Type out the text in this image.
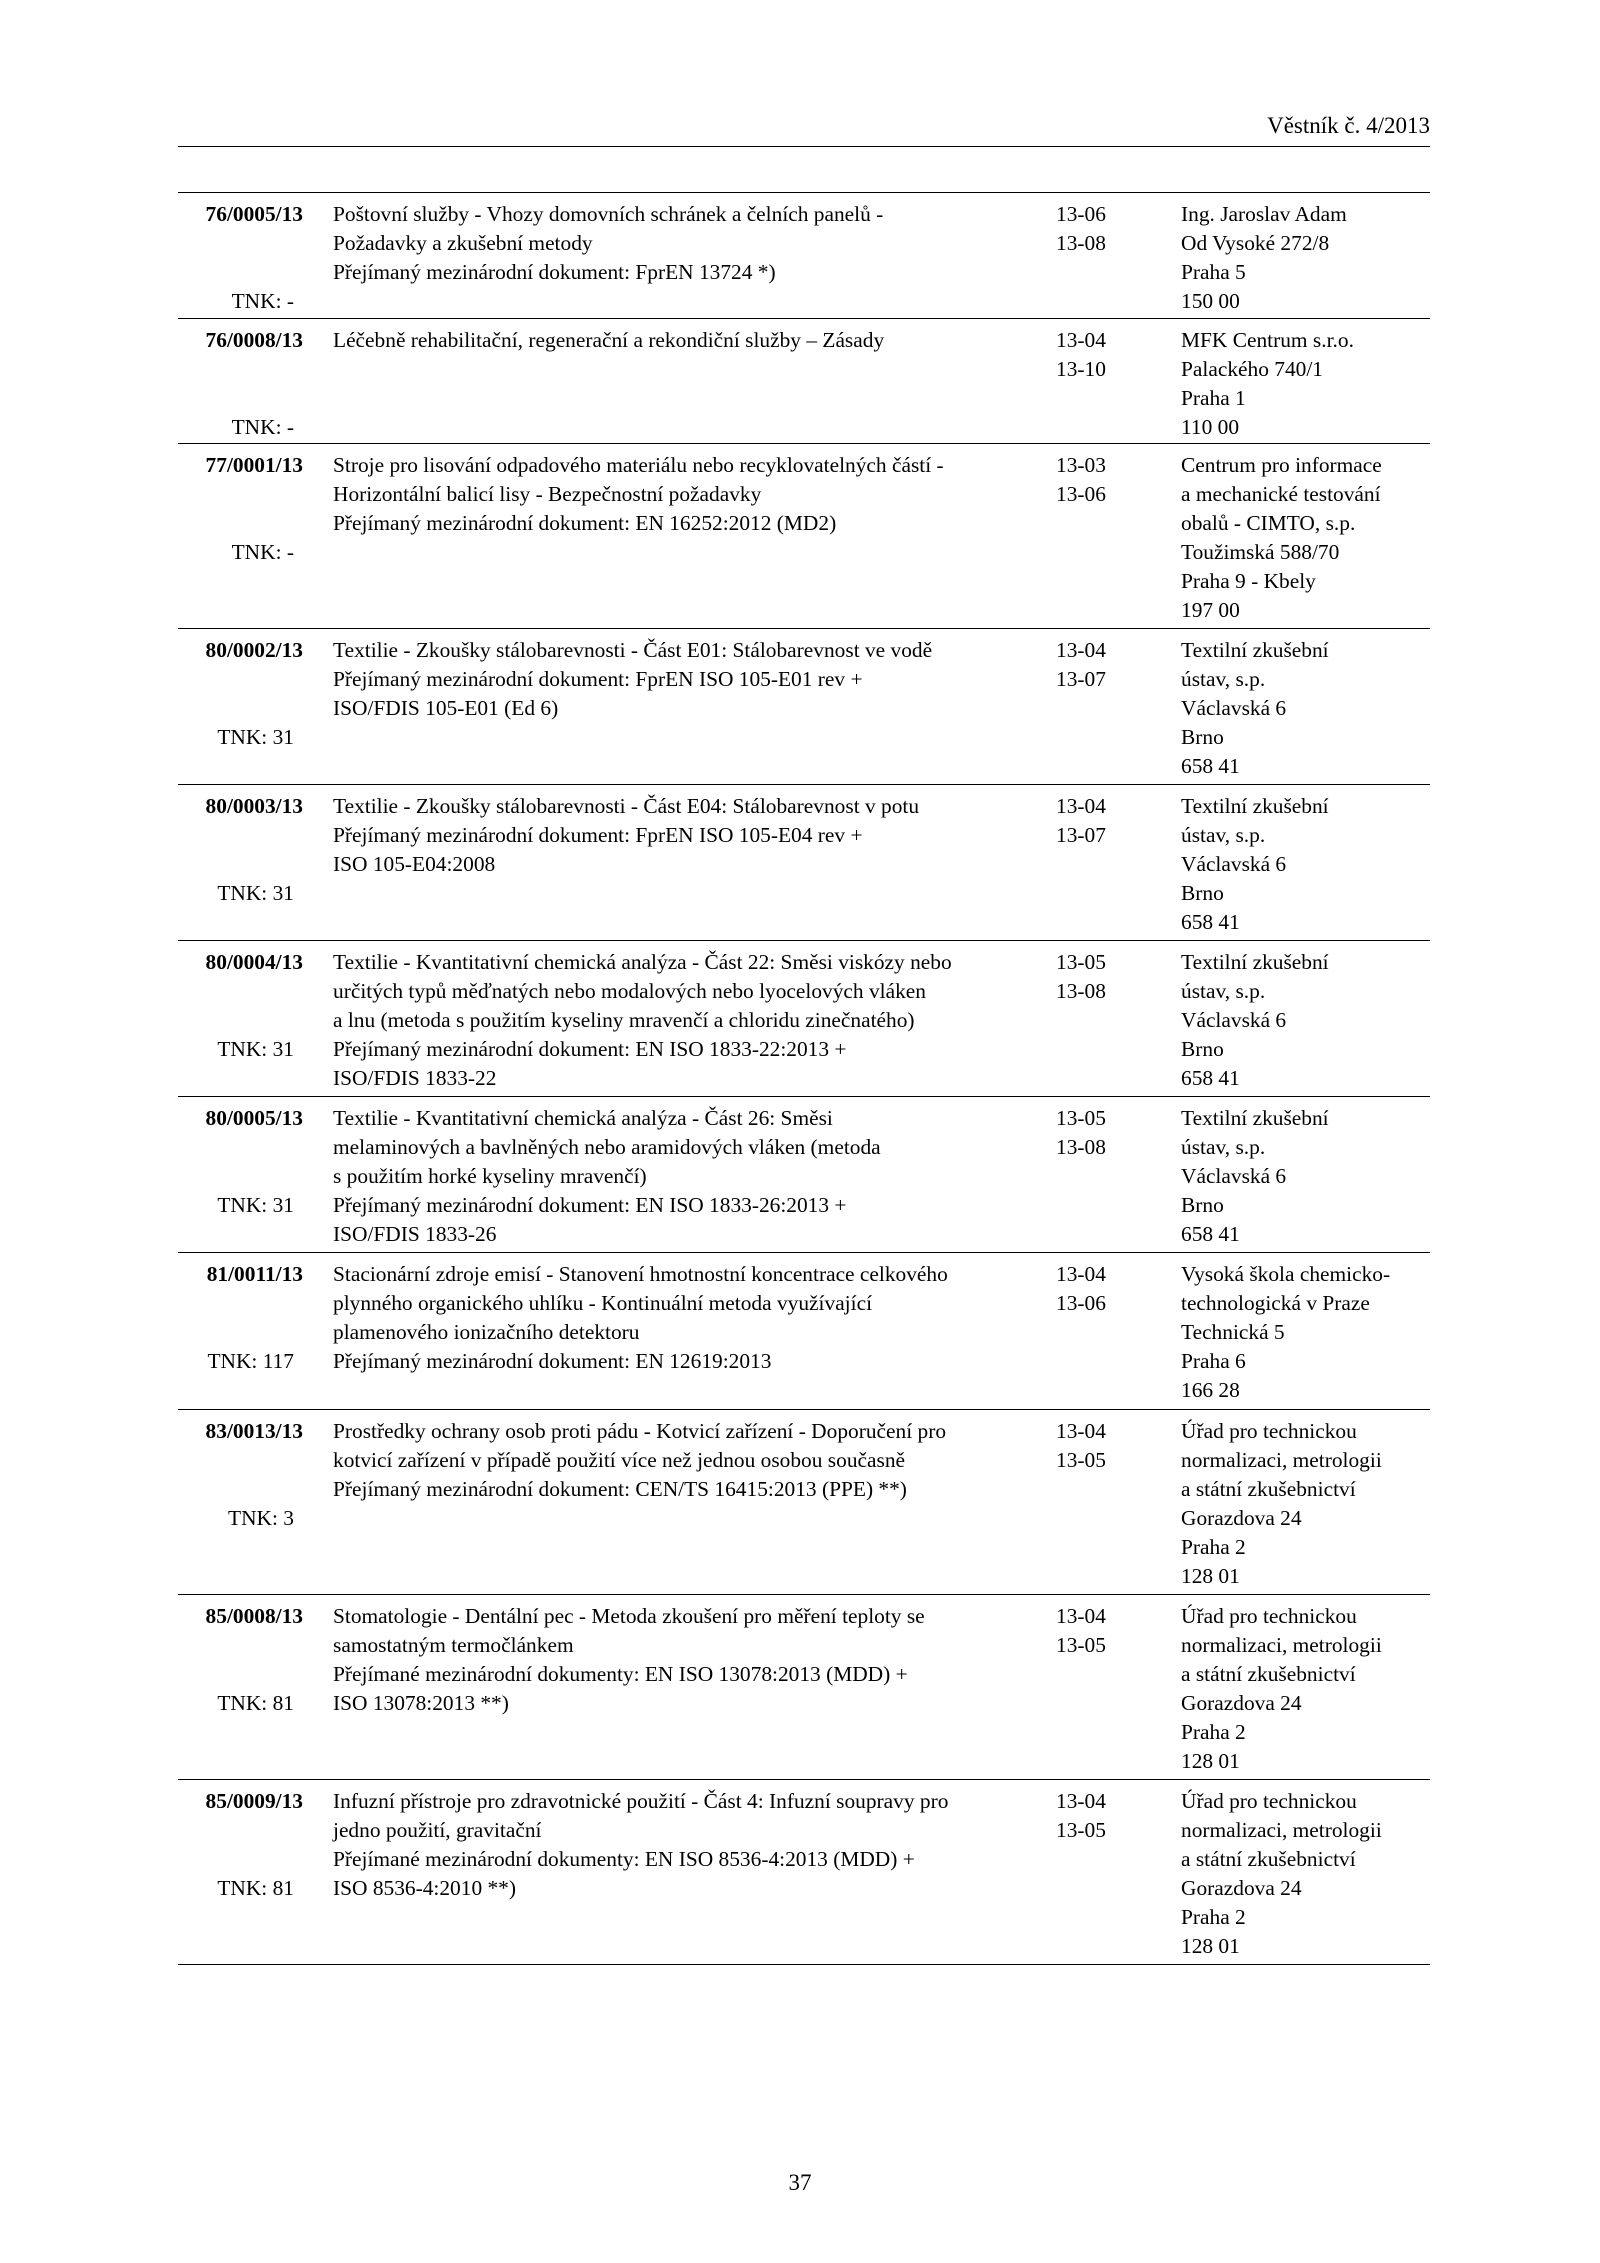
Věstník č. 4/2013
76/0005/13
TNK: -
Poštovní služby - Vhozy domovních schránek a čelních panelů -
Požadavky a zkušební metody
Přejímaný mezinárodní dokument: FprEN 13724 *)
13-06
13-08
Ing. Jaroslav Adam
Od Vysoké 272/8
Praha 5
150 00
76/0008/13
TNK: -
Léčebně rehabilitační, regenerační a rekondiční služby – Zásady	13-04
13-10
MFK Centrum s.r.o.
Palackého 740/1
Praha 1
110 00
77/0001/13
TNK: -
Stroje pro lisování odpadového materiálu nebo recyklovatelných částí -
Horizontální balicí lisy - Bezpečnostní požadavky
Přejímaný mezinárodní dokument: EN 16252:2012 (MD2)
13-03
13-06
Centrum pro informace
a mechanické testování
obalů - CIMTO, s.p.
Toužimská 588/70
Praha 9 - Kbely
197 00
80/0002/13
TNK: 31
Textilie - Zkoušky stálobarevnosti - Část E01: Stálobarevnost ve vodě
Přejímaný mezinárodní dokument: FprEN ISO 105-E01 rev +
ISO/FDIS 105-E01 (Ed 6)
13-04
13-07
Textilní zkušební
ústav, s.p.
Václavská 6
Brno
658 41
80/0003/13
TNK: 31
Textilie - Zkoušky stálobarevnosti - Část E04: Stálobarevnost v potu
Přejímaný mezinárodní dokument: FprEN ISO 105-E04 rev +
ISO 105-E04:2008
13-04
13-07
Textilní zkušební
ústav, s.p.
Václavská 6
Brno
658 41
80/0004/13
TNK: 31
Textilie - Kvantitativní chemická analýza - Část 22: Směsi viskózy nebo
určitých typů měďnatých nebo modalových nebo lyocelových vláken
a lnu (metoda s použitím kyseliny mravenčí a chloridu zinečnatého)
Přejímaný mezinárodní dokument: EN ISO 1833-22:2013 +
ISO/FDIS 1833-22
13-05
13-08
Textilní zkušební
ústav, s.p.
Václavská 6
Brno
658 41
80/0005/13
TNK: 31
Textilie - Kvantitativní chemická analýza - Část 26: Směsi
melaminových a bavlněných nebo aramidových vláken (metoda
s použitím horké kyseliny mravenčí)
Přejímaný mezinárodní dokument: EN ISO 1833-26:2013 +
ISO/FDIS 1833-26
13-05
13-08
Textilní zkušební
ústav, s.p.
Václavská 6
Brno
658 41
81/0011/13
TNK: 117
Stacionární zdroje emisí - Stanovení hmotnostní koncentrace celkového
plynného organického uhlíku - Kontinuální metoda využívající
plamenového ionizačního detektoru
Přejímaný mezinárodní dokument: EN 12619:2013
13-04
13-06
Vysoká škola chemicko-
technologická v Praze
Technická 5
Praha 6
166 28
83/0013/13
TNK: 3
Prostředky ochrany osob proti pádu - Kotvicí zařízení - Doporučení pro
kotvicí zařízení v případě použití více než jednou osobou současně
Přejímaný mezinárodní dokument: CEN/TS 16415:2013 (PPE) **)
13-04
13-05
Úřad pro technickou
normalizaci, metrologii
a státní zkušebnictví
Gorazdova 24
Praha 2
128 01
85/0008/13
TNK: 81
Stomatologie - Dentální pec - Metoda zkoušení pro měření teploty se
samostatným termočlánkem
Přejímané mezinárodní dokumenty: EN ISO 13078:2013 (MDD) +
ISO 13078:2013 **)
13-04
13-05
Úřad pro technickou
normalizaci, metrologii
a státní zkušebnictví
Gorazdova 24
Praha 2
128 01
85/0009/13
TNK: 81
Infuzní přístroje pro zdravotnické použití - Část 4: Infuzní soupravy pro
jedno použití, gravitační
Přejímané mezinárodní dokumenty: EN ISO 8536-4:2013 (MDD) +
ISO 8536-4:2010 **)
13-04
13-05
Úřad pro technickou
normalizaci, metrologii
a státní zkušebnictví
Gorazdova 24
Praha 2
128 01
37
